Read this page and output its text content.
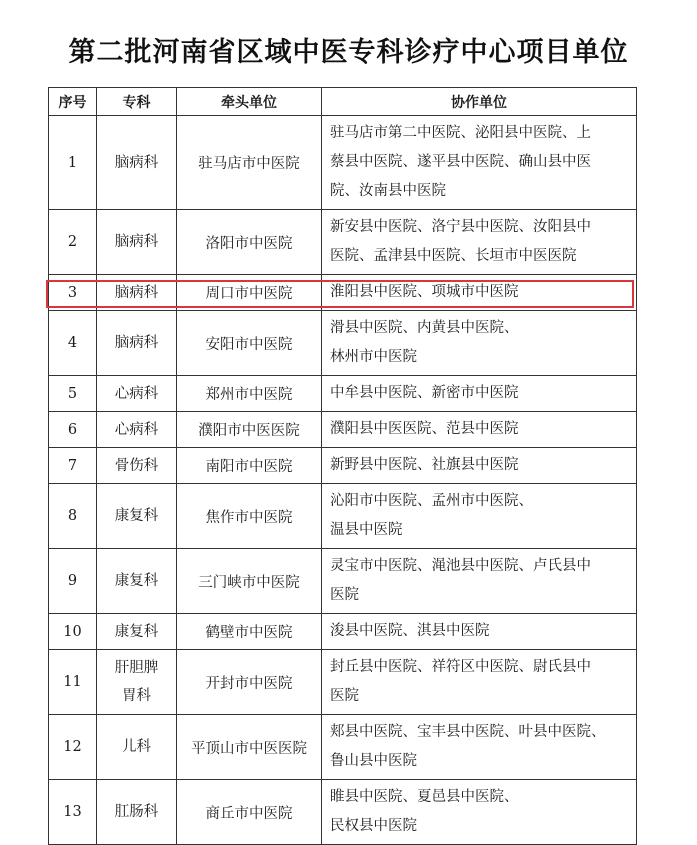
第二批河南省区域中医专科诊疗中心项目单位
序号	专科	牵头单位	协作单位
1	脑病科	驻马店市中医院	驻马店市第二中医院、泌阳县中医院、上
蔡县中医院、遂平县中医院、确山县中医
院、汝南县中医院

2	脑病科	洛阳市中医院	新安县中医院、洛宁县中医院、汝阳县中
医院、孟津县中医院、长垣市中医医院

3	脑病科	周口市中医院	淮阳县中医院、项城市中医院

4	脑病科	安阳市中医院	滑县中医院、内黄县中医院、
林州市中医院

5	心病科	郑州市中医院	中牟县中医院、新密市中医院

6	心病科	濮阳市中医医院	濮阳县中医医院、范县中医院

7	骨伤科	南阳市中医院	新野县中医院、社旗县中医院

8	康复科	焦作市中医院	沁阳市中医院、孟州市中医院、
温县中医院

9	康复科	三门峡市中医院	灵宝市中医院、渑池县中医院、卢氏县中
医院

10	康复科	鹤壁市中医院	浚县中医院、淇县中医院

11	肝胆脾
胃科	开封市中医院	封丘县中医院、祥符区中医院、尉氏县中
医院

12	儿科	平顶山市中医医院	郏县中医院、宝丰县中医院、叶县中医院、
鲁山县中医院

13	肛肠科	商丘市中医院	睢县中医院、夏邑县中医院、
民权县中医院
